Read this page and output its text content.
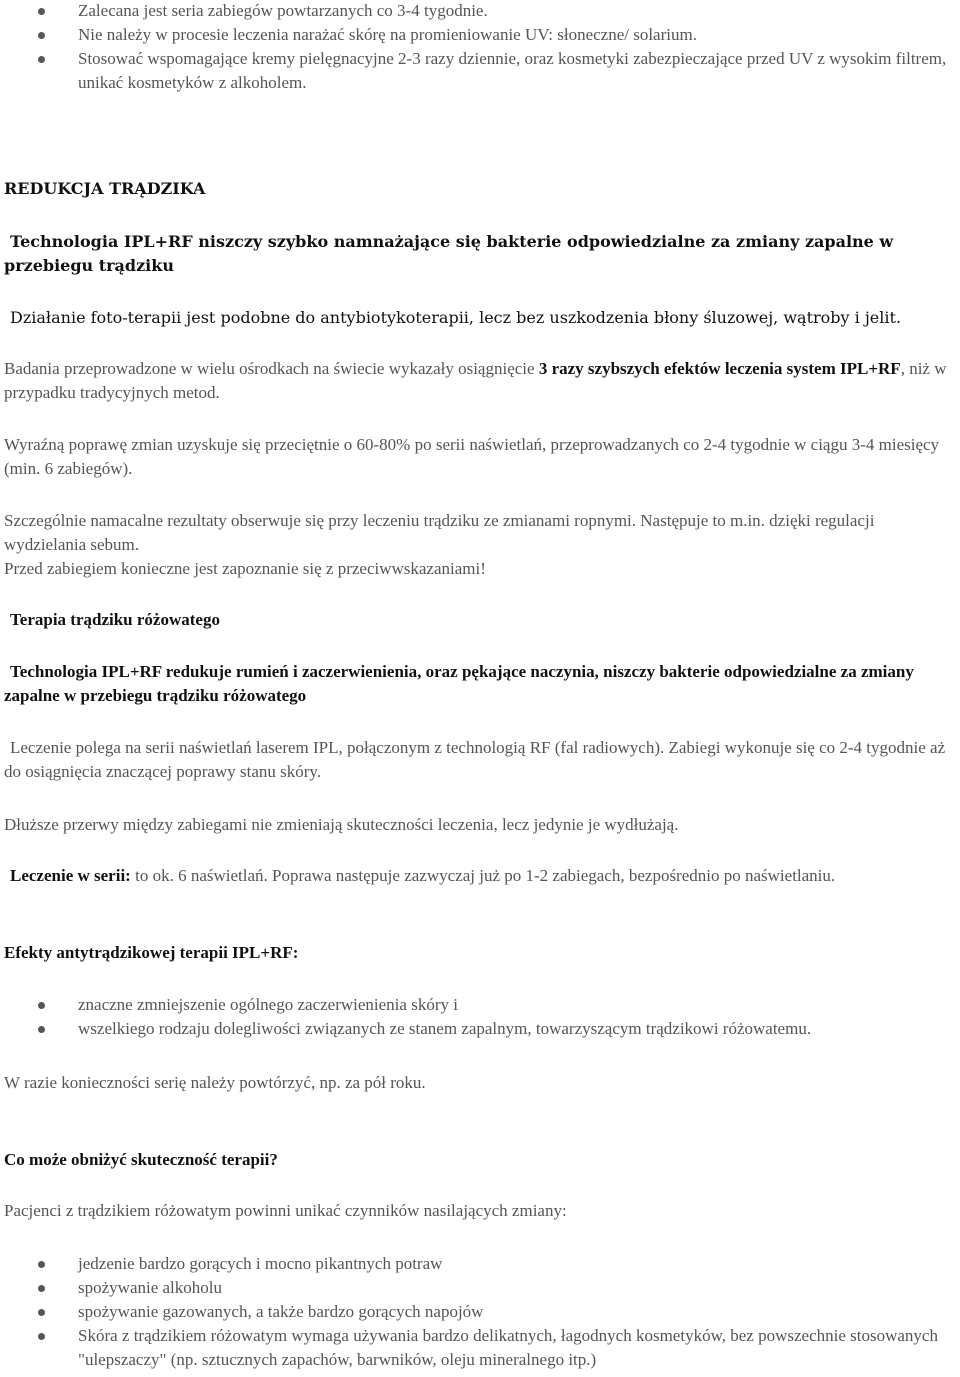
Zalecana jest seria zabiegów powtarzanych co 3-4 tygodnie.
Nie należy w procesie leczenia narażać skórę na promieniowanie UV: słoneczne/ solarium.
Stosować wspomagające kremy pielęgnacyjne 2-3 razy dziennie, oraz kosmetyki zabezpieczające przed UV z wysokim filtrem, unikać kosmetyków z alkoholem.

REDUKCJA TRĄDZIKA

Technologia IPL+RF niszczy szybko namnażające się bakterie odpowiedzialne za zmiany zapalne w przebiegu trądziku

Działanie foto-terapii jest podobne do antybiotykoterapii, lecz bez uszkodzenia błony śluzowej, wątroby i jelit.

Badania przeprowadzone w wielu ośrodkach na świecie wykazały osiągnięcie 3 razy szybszych efektów leczenia system IPL+RF, niż w przypadku tradycyjnych metod.

Wyraźną poprawę zmian uzyskuje się przeciętnie o 60-80% po serii naświetlań, przeprowadzanych co 2-4 tygodnie w ciągu 3-4 miesięcy (min. 6 zabiegów).

Szczególnie namacalne rezultaty obserwuje się przy leczeniu trądziku ze zmianami ropnymi. Następuje to m.in. dzięki regulacji wydzielania sebum.

Przed zabiegiem konieczne jest zapoznanie się z przeciwwskazaniami!

Terapia trądziku różowatego

Technologia IPL+RF redukuje rumień i zaczerwienienia, oraz pękające naczynia, niszczy bakterie odpowiedzialne za zmiany zapalne w przebiegu trądziku różowatego

Leczenie polega na serii naświetlań laserem IPL, połączonym z technologią RF (fal radiowych). Zabiegi wykonuje się co 2-4 tygodnie aż do osiągnięcia znaczącej poprawy stanu skóry.

Dłuższe przerwy między zabiegami nie zmieniają skuteczności leczenia, lecz jedynie je wydłużają.

Leczenie w serii: to ok. 6 naświetlań. Poprawa następuje zazwyczaj już po 1-2 zabiegach, bezpośrednio po naświetlaniu.

Efekty antytrądzikowej terapii IPL+RF:

znaczne zmniejszenie ogólnego zaczerwienienia skóry i
wszelkiego rodzaju dolegliwości związanych ze stanem zapalnym, towarzyszącym trądzikowi różowatemu.

W razie konieczności serię należy powtórzyć, np. za pół roku.

Co może obniżyć skuteczność terapii?

Pacjenci z trądzikiem różowatym powinni unikać czynników nasilających zmiany:

jedzenie bardzo gorących i mocno pikantnych potraw
spożywanie alkoholu
spożywanie gazowanych, a także bardzo gorących napojów
Skóra z trądzikiem różowatym wymaga używania bardzo delikatnych, łagodnych kosmetyków, bez powszechnie stosowanych "ulepszaczy" (np. sztucznych zapachów, barwników, oleju mineralnego itp.)
